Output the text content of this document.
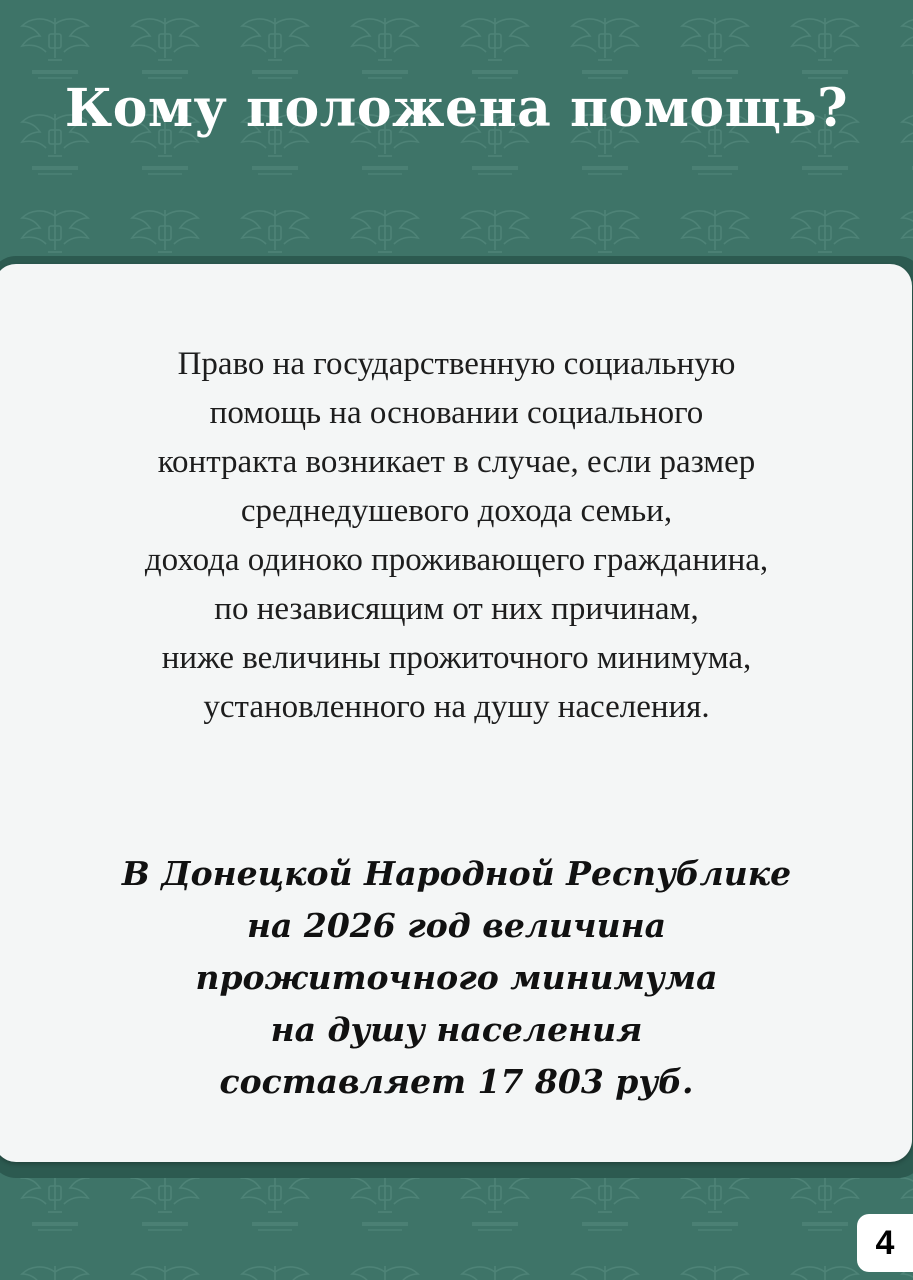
Кому положена помощь?
Право на государственную социальную
помощь на основании социального
контракта возникает в случае, если размер
среднедушевого дохода семьи,
дохода одиноко проживающего гражданина,
по независящим от них причинам,
ниже величины прожиточного минимума,
установленного на душу населения.
В Донецкой Народной Республике
на 2026 год величина
прожиточного минимума
на душу населения
составляет 17 803 руб.
4
